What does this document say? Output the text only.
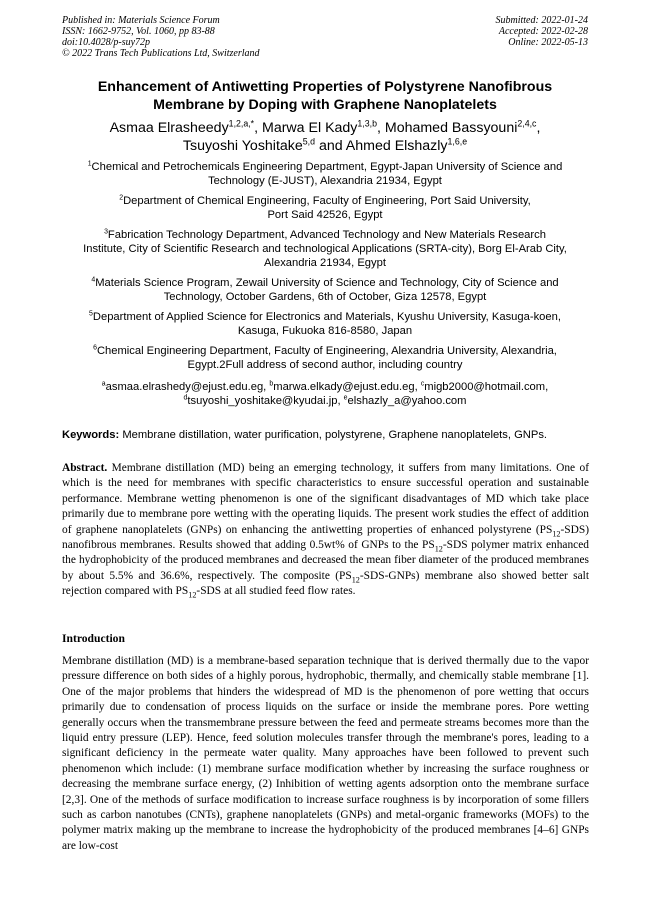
Published in: Materials Science Forum
ISSN: 1662-9752, Vol. 1060, pp 83-88
doi:10.4028/p-suy72p
© 2022 Trans Tech Publications Ltd, Switzerland
Submitted: 2022-01-24
Accepted: 2022-02-28
Online: 2022-05-13
Enhancement of Antiwetting Properties of Polystyrene Nanofibrous
Membrane by Doping with Graphene Nanoplatelets
Asmaa Elrasheedy$^{1,2,a,*}$, Marwa El Kady$^{1,3,b}$, Mohamed Bassyouni$^{2,4,c}$,
Tsuyoshi Yoshitake$^{5,d}$ and Ahmed Elshazly$^{1,6,e}$
$^1$Chemical and Petrochemicals Engineering Department, Egypt-Japan University of Science and
Technology (E-JUST), Alexandria 21934, Egypt
$^2$Department of Chemical Engineering, Faculty of Engineering, Port Said University,
Port Said 42526, Egypt
$^3$Fabrication Technology Department, Advanced Technology and New Materials Research
Institute, City of Scientific Research and technological Applications (SRTA-city), Borg El-Arab City,
Alexandria 21934, Egypt
$^4$Materials Science Program, Zewail University of Science and Technology, City of Science and
Technology, October Gardens, 6th of October, Giza 12578, Egypt
$^5$Department of Applied Science for Electronics and Materials, Kyushu University, Kasuga-koen,
Kasuga, Fukuoka 816-8580, Japan
$^6$Chemical Engineering Department, Faculty of Engineering, Alexandria University, Alexandria,
Egypt.2Full address of second author, including country
$^a$asmaa.elrashedy@ejust.edu.eg, $^b$marwa.elkady@ejust.edu.eg, $^c$migb2000@hotmail.com,
$^d$tsuyoshi_yoshitake@kyudai.jp, $^e$elshazly_a@yahoo.com
Keywords: Membrane distillation, water purification, polystyrene, Graphene nanoplatelets, GNPs.
Abstract. Membrane distillation (MD) being an emerging technology, it suffers from many limitations. One of which is the need for membranes with specific characteristics to ensure successful operation and sustainable performance. Membrane wetting phenomenon is one of the significant disadvantages of MD which take place primarily due to membrane pore wetting with the operating liquids. The present work studies the effect of addition of graphene nanoplatelets (GNPs) on enhancing the antiwetting properties of enhanced polystyrene $(PS_{12}-SDS)$ nanofibrous membranes. Results showed that adding 0.5wt% of GNPs to the $PS_{12}$-SDS polymer matrix enhanced the hydrophobicity of the produced membranes and decreased the mean fiber diameter of the produced membranes by about 5.5% and 36.6%, respectively. The composite $(PS_{12}-SDS-GNPs)$ membrane also showed better salt rejection compared with $PS_{12}$-SDS at all studied feed flow rates.
Introduction
Membrane distillation (MD) is a membrane-based separation technique that is derived thermally due to the vapor pressure difference on both sides of a highly porous, hydrophobic, thermally, and chemically stable membrane [1]. One of the major problems that hinders the widespread of MD is the phenomenon of pore wetting that occurs primarily due to condensation of process liquids on the surface or inside the membrane pores. Pore wetting generally occurs when the transmembrane pressure between the feed and permeate streams becomes more than the liquid entry pressure (LEP). Hence, feed solution molecules transfer through the membrane's pores, leading to a significant deficiency in the permeate water quality. Many approaches have been followed to prevent such phenomenon which include: (1) membrane surface modification whether by increasing the surface roughness or decreasing the membrane surface energy, (2) Inhibition of wetting agents adsorption onto the membrane surface [2,3]. One of the methods of surface modification to increase surface roughness is by incorporation of some fillers such as carbon nanotubes (CNTs), graphene nanoplatelets (GNPs) and metal-organic frameworks (MOFs) to the polymer matrix making up the membrane to increase the hydrophobicity of the produced membranes [4–6] GNPs are low-cost
